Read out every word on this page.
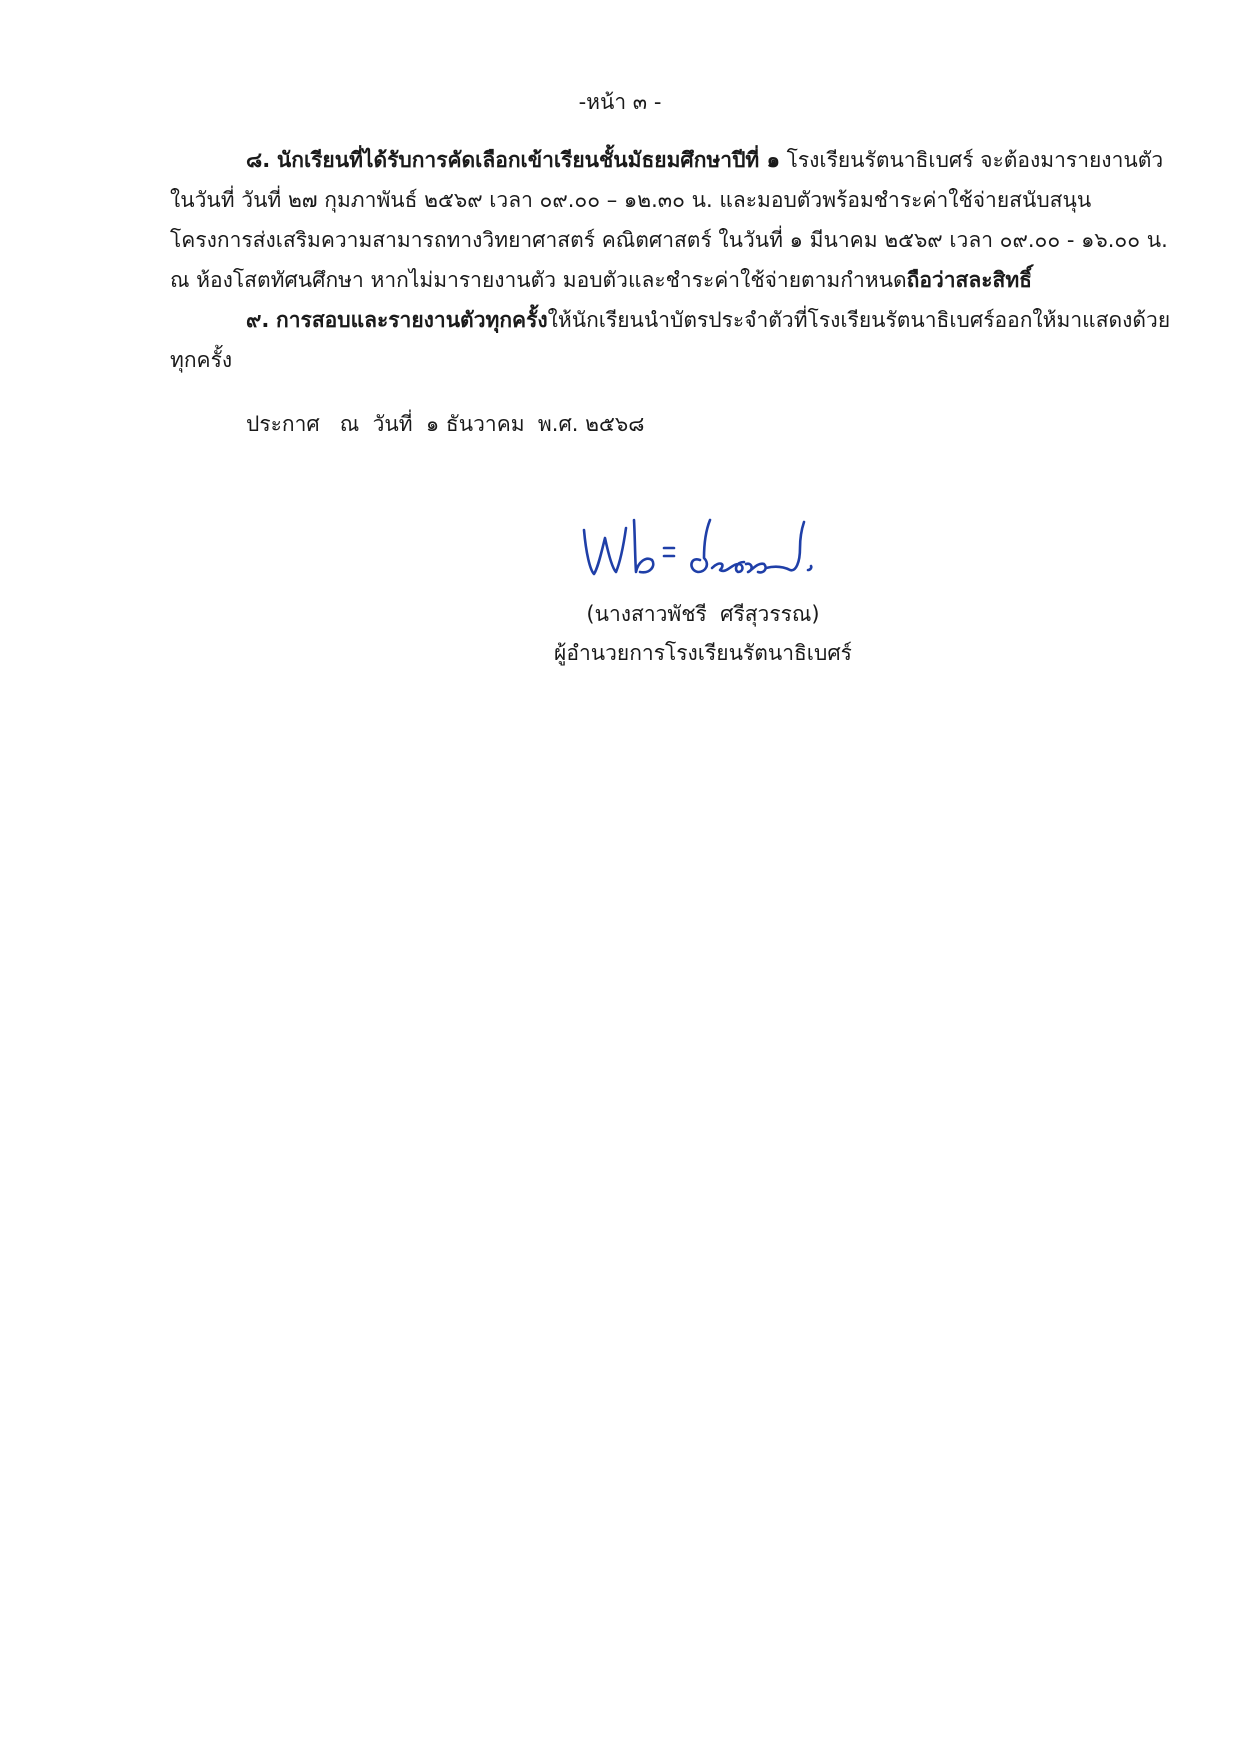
-หน้า ๓ -

๘. นักเรียนที่ได้รับการคัดเลือกเข้าเรียนชั้นมัธยมศึกษาปีที่ ๑ โรงเรียนรัตนาธิเบศร์ จะต้องมารายงานตัว
ในวันที่ วันที่ ๒๗ กุมภาพันธ์ ๒๕๖๙ เวลา ๐๙.๐๐ – ๑๒.๓๐ น. และมอบตัวพร้อมชำระค่าใช้จ่ายสนับสนุน
โครงการส่งเสริมความสามารถทางวิทยาศาสตร์ คณิตศาสตร์ ในวันที่ ๑ มีนาคม ๒๕๖๙ เวลา ๐๙.๐๐ - ๑๖.๐๐ น.
ณ ห้องโสตทัศนศึกษา หากไม่มารายงานตัว มอบตัวและชำระค่าใช้จ่ายตามกำหนดถือว่าสละสิทธิ์

๙. การสอบและรายงานตัวทุกครั้งให้นักเรียนนำบัตรประจำตัวที่โรงเรียนรัตนาธิเบศร์ออกให้มาแสดงด้วย
ทุกครั้ง

ประกาศ   ณ  วันที่  ๑ ธันวาคม  พ.ศ. ๒๕๖๘
(นางสาวพัชรี  ศรีสุวรรณ)
ผู้อำนวยการโรงเรียนรัตนาธิเบศร์
